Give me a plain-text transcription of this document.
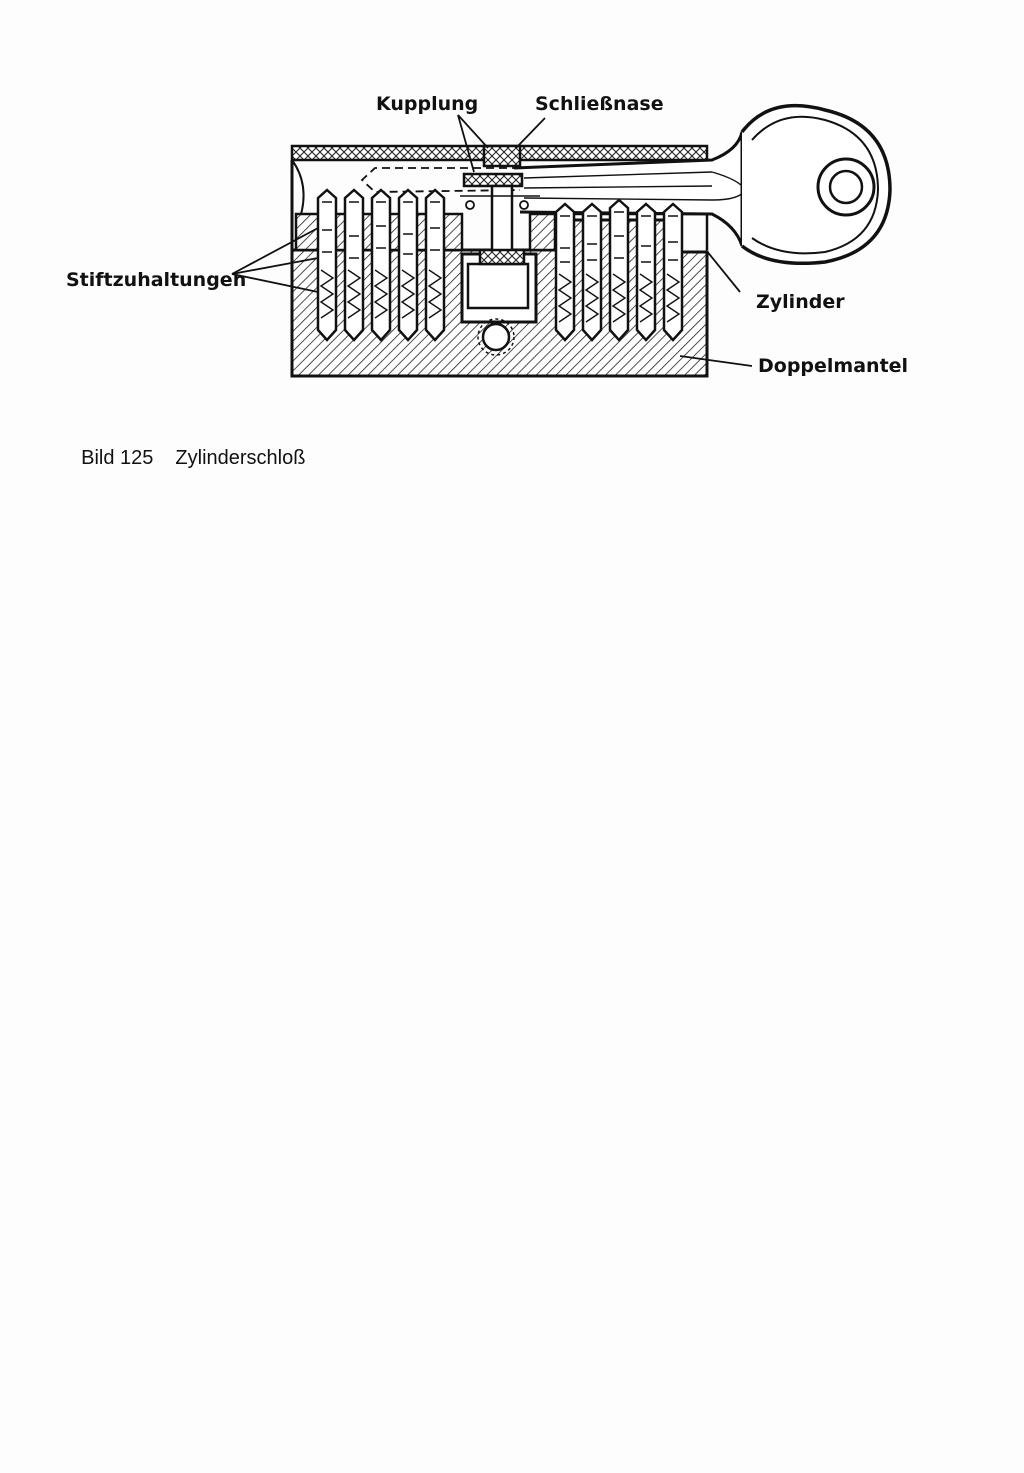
Kupplung	Schließnase
Stiftzuhaltungen
Zylinder
Doppelmantel

Bild 125 Zylinderschloß
